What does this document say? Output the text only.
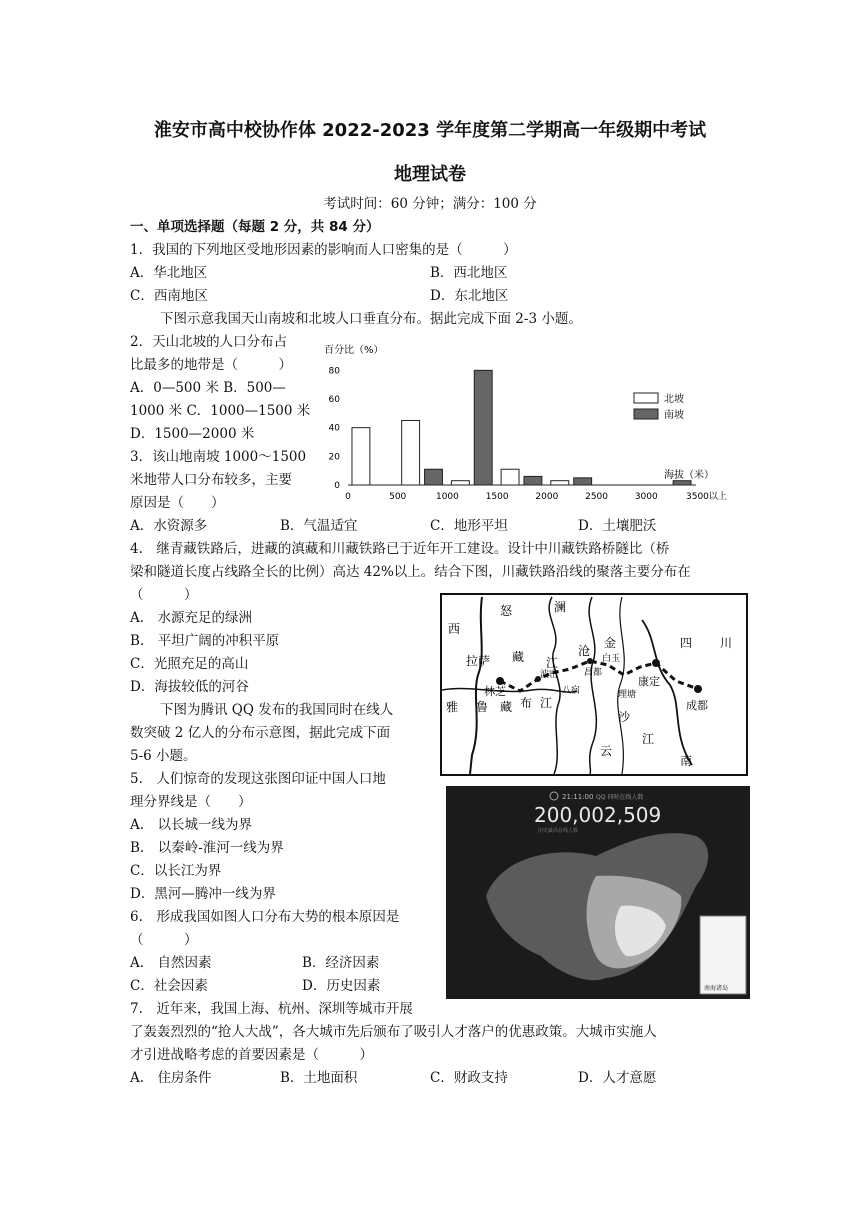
淮安市高中校协作体 2022-2023 学年度第二学期高一年级期中考试
地理试卷
考试时间：60 分钟；满分：100 分
一、单项选择题（每题 2 分，共 84 分）
1．我国的下列地区受地形因素的影响而人口密集的是（　　　）
A．华北地区	B．西北地区
C．西南地区	D．东北地区
下图示意我国天山南坡和北坡人口垂直分布。据此完成下面 2-3 小题。
2．天山北坡的人口分布占
比最多的地带是（　　　）
A．0—500 米 B．500—
1000 米 C．1000—1500 米
D．1500—2000 米
3．该山地南坡 1000～1500
米地带人口分布较多，主要
原因是（　　）
A．水资源多	B．气温适宜	C．地形平坦	D．土壤肥沃
百分比（%）
0
20
40
60
80
0	500	1000	1500	2000	2500	3000	3500以上
北坡
南坡
海拔（米）
4.　继青藏铁路后，进藏的滇藏和川藏铁路已于近年开工建设。设计中川藏铁路桥隧比（桥
梁和隧道长度占线路全长的比例）高达 42%以上。结合下图，川藏铁路沿线的聚落主要分布在
（　　　）
A.　水源充足的绿洲
B.　平坦广阔的冲积平原
C．光照充足的高山
D．海拔较低的河谷
西
怒	澜
金
沧
四 川
拉萨 藏 江
沙
林芝
波密	昌都
白玉
康定
成都
八宿	理塘
雅 鲁 藏 布 江
云
江
南
下图为腾讯 QQ 发布的我国同时在线人
数突破 2 亿人的分布示意图，据此完成下面
5-6 小题。
5.　人们惊奇的发现这张图印证中国人口地
理分界线是（　　）
A.　以长城一线为界
B.　以秦岭-淮河一线为界
C．以长江为界
D．黑河—腾冲一线为界
6.　形成我国如图人口分布大势的根本原因是
（　　　）
A.　自然因素	B．经济因素
C．社会因素	D．历史因素
21:11:00 QQ 同时在线人数
200,002,509
历史最高在线人数
南海诸岛
7.　近年来，我国上海、杭州、深圳等城市开展
了轰轰烈烈的“抢人大战”，各大城市先后颁布了吸引人才落户的优惠政策。大城市实施人
才引进战略考虑的首要因素是（　　　）
A.　住房条件	B．土地面积	C．财政支持	D．人才意愿
